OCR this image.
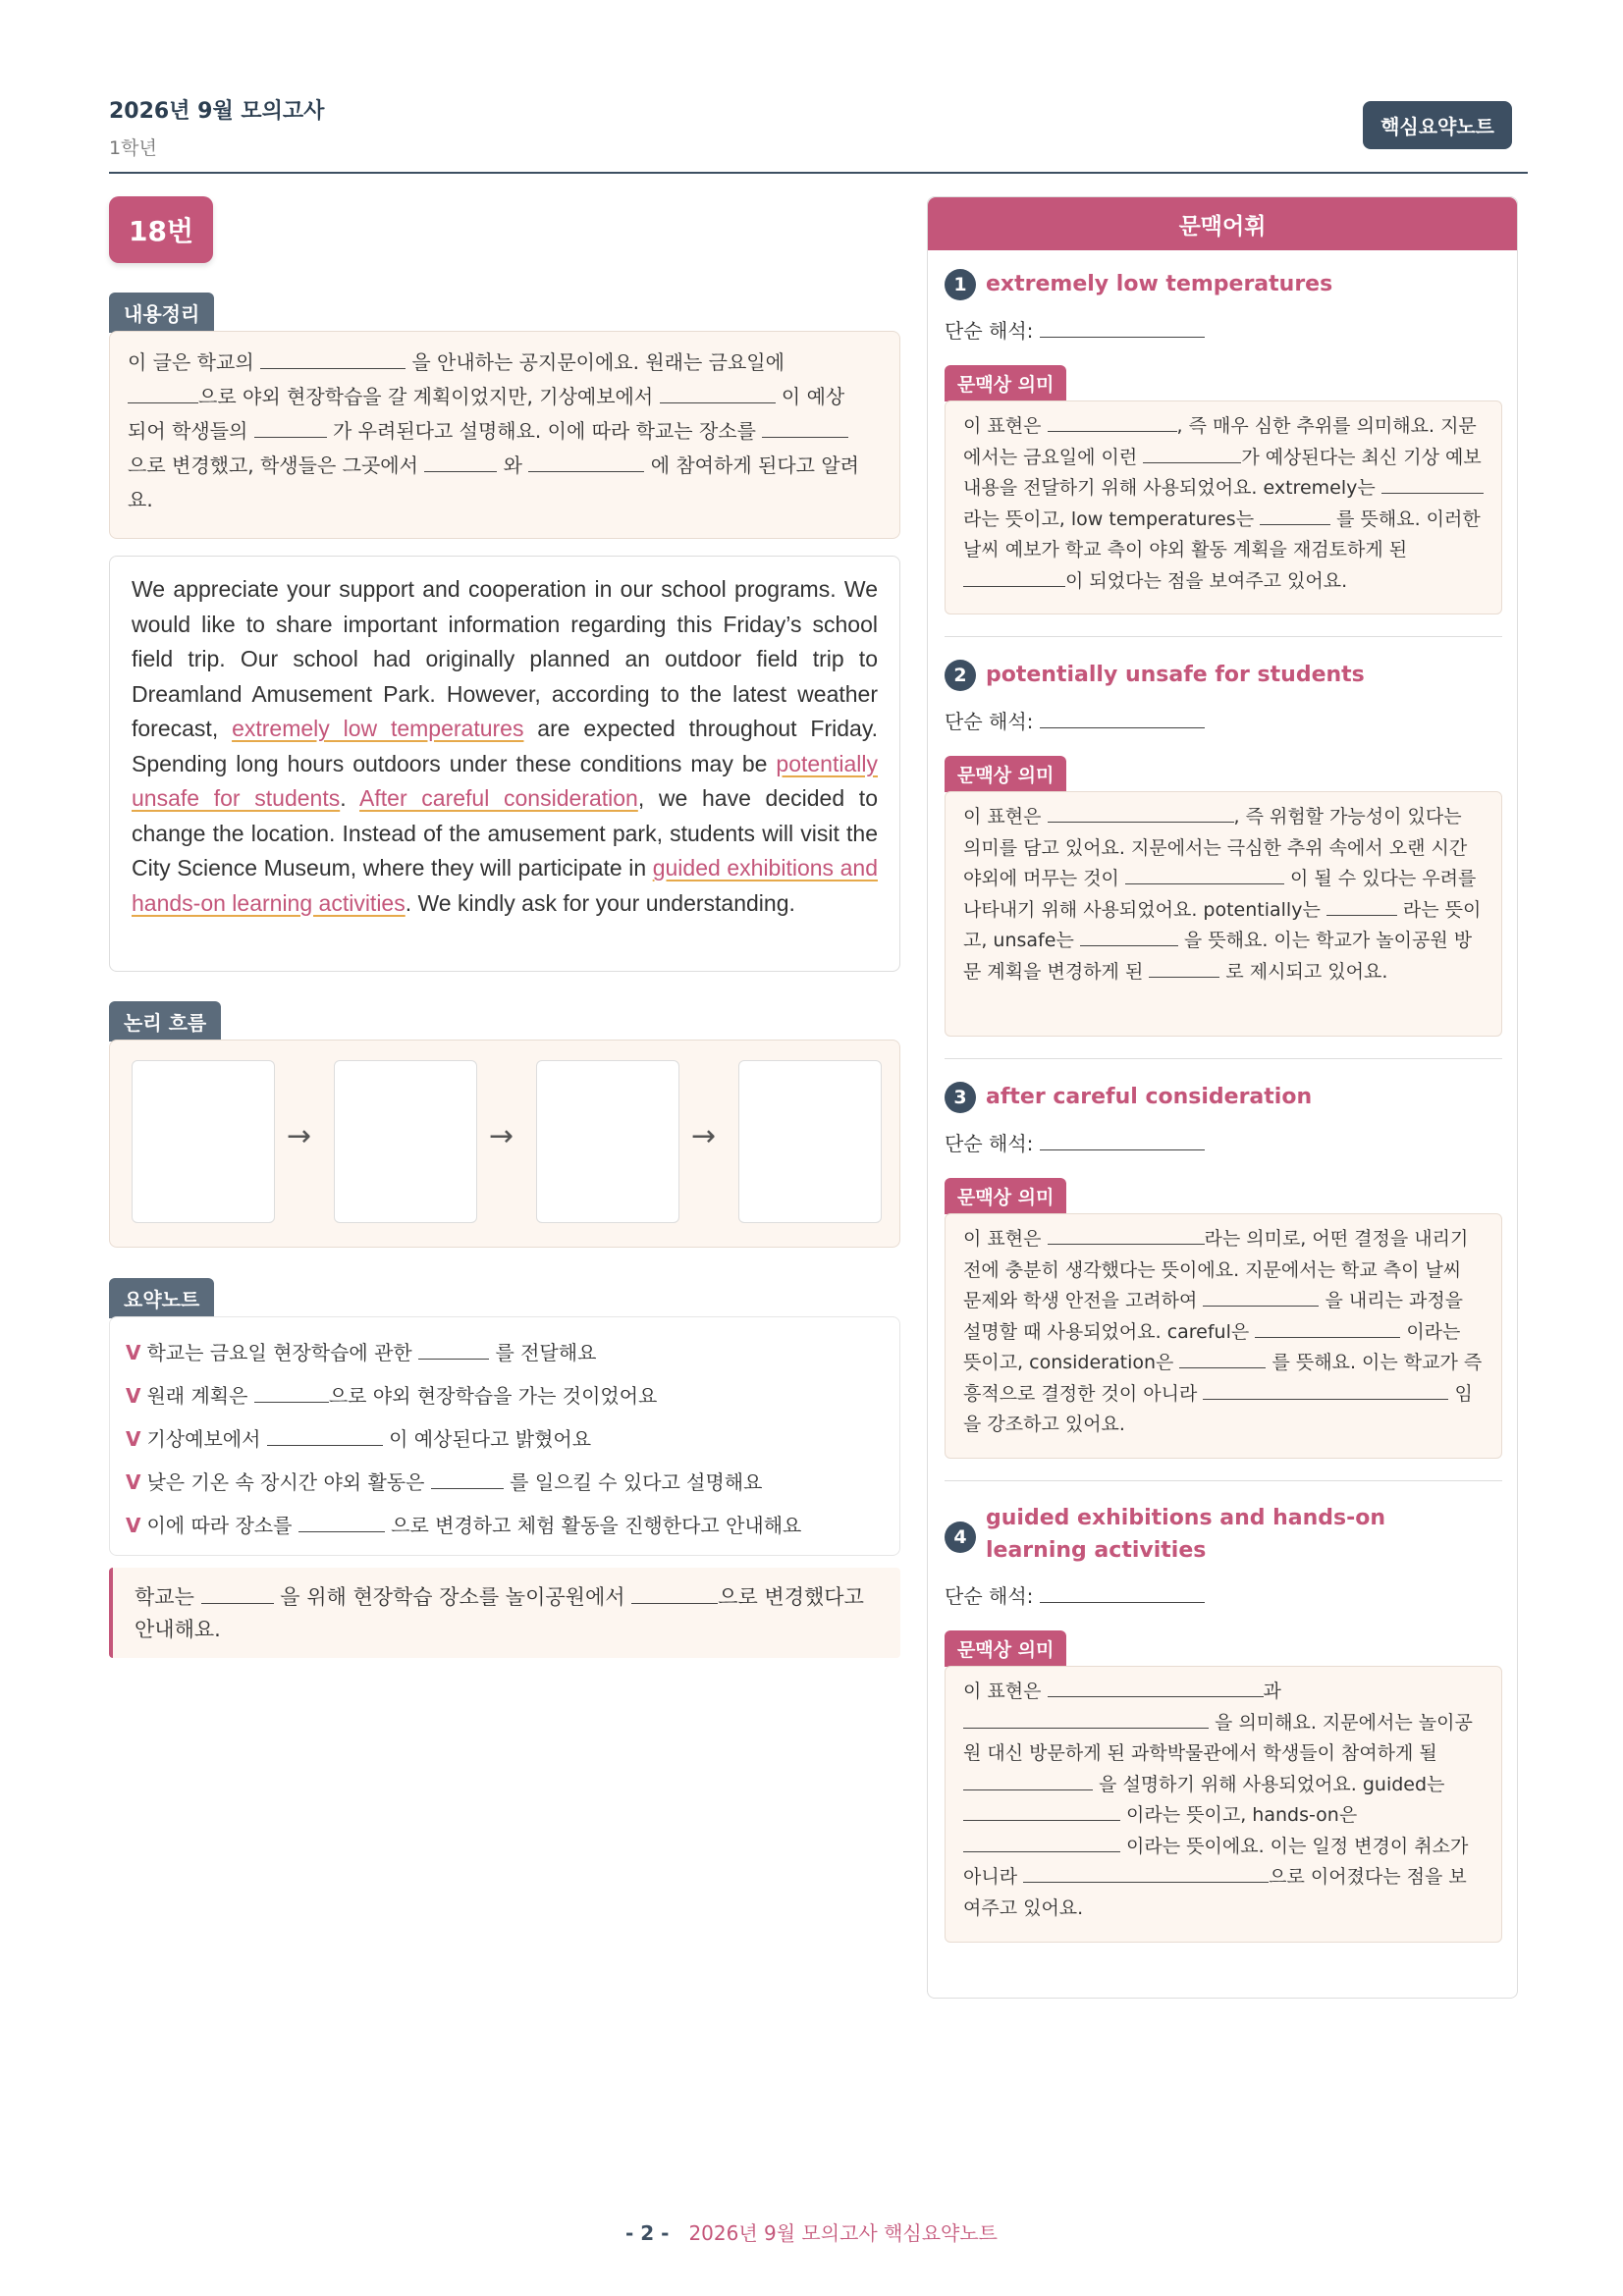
2026년 9월 모의고사
1학년
핵심요약노트
18번
내용정리
이 글은 학교의	을 안내하는 공지문이에요. 원래는 금요일에
으로 야외 현장학습을 갈 계획이었지만, 기상예보에서	이 예상
되어 학생들의	가 우려된다고 설명해요. 이에 따라 학교는 장소를
으로 변경했고, 학생들은 그곳에서	와	에 참여하게 된다고 알려
요.
We appreciate your support and cooperation in our school programs. We would like to share important information regarding this Friday’s school field trip. Our school had originally planned an outdoor field trip to Dreamland Amusement Park. However, according to the latest weather forecast, extremely low temperatures are expected throughout Friday. Spending long hours outdoors under these conditions may be potentially unsafe for students. After careful consideration, we have decided to change the location. Instead of the amusement park, students will visit the City Science Museum, where they will participate in guided exhibitions and hands-on learning activities. We kindly ask for your understanding.
논리 흐름
→	→	→
요약노트
V 학교는 금요일 현장학습에 관한	를 전달해요
V 원래 계획은	으로 야외 현장학습을 가는 것이었어요
V 기상예보에서	이 예상된다고 밝혔어요
V 낮은 기온 속 장시간 야외 활동은	를 일으킬 수 있다고 설명해요
V 이에 따라 장소를	으로 변경하고 체험 활동을 진행한다고 안내해요
학교는	을 위해 현장학습 장소를 놀이공원에서	으로 변경했다고
안내해요.
문맥어휘
1 extremely low temperatures
단순 해석:
문맥상 의미
이 표현은	, 즉 매우 심한 추위를 의미해요. 지문에서는 금요일에 이런	가 예상된다는 최신 기상 예보 내용을 전달하기 위해 사용되었어요. extremely는  라는 뜻이고, low temperatures는	를 뜻해요. 이러한 날씨 예보가 학교 측이 야외 활동 계획을 재검토하게 된 이 되었다는 점을 보여주고 있어요.
2 potentially unsafe for students
단순 해석:
문맥상 의미
이 표현은	, 즉 위험할 가능성이 있다는 의미를 담고 있어요. 지문에서는 극심한 추위 속에서 오랜 시간 야외에 머무는 것이	이 될 수 있다는 우려를 나타내기 위해 사용되었어요. potentially는	라는 뜻이고, unsafe는	을 뜻해요. 이는 학교가 놀이공원 방문 계획을 변경하게 된	로 제시되고 있어요.
3 after careful consideration
단순 해석:
문맥상 의미
이 표현은	라는 의미로, 어떤 결정을 내리기 전에 충분히 생각했다는 뜻이에요. 지문에서는 학교 측이 날씨 문제와 학생 안전을 고려하여	을 내리는 과정을 설명할 때 사용되었어요. careful은	이라는 뜻이고, consideration은	를 뜻해요. 이는 학교가 즉흥적으로 결정한 것이 아니라	임을 강조하고 있어요.
4
guided exhibitions and hands-on learning activities
단순 해석:
문맥상 의미
이 표현은	과  을 의미해요. 지문에서는 놀이공원 대신 방문하게 된 과학박물관에서 학생들이 참여하게 될  을 설명하기 위해 사용되었어요. guided는  이라는 뜻이고, hands-on은  이라는 뜻이에요. 이는 일정 변경이 취소가 아니라	으로 이어졌다는 점을 보여주고 있어요.
- 2 - 2026년 9월 모의고사 핵심요약노트
